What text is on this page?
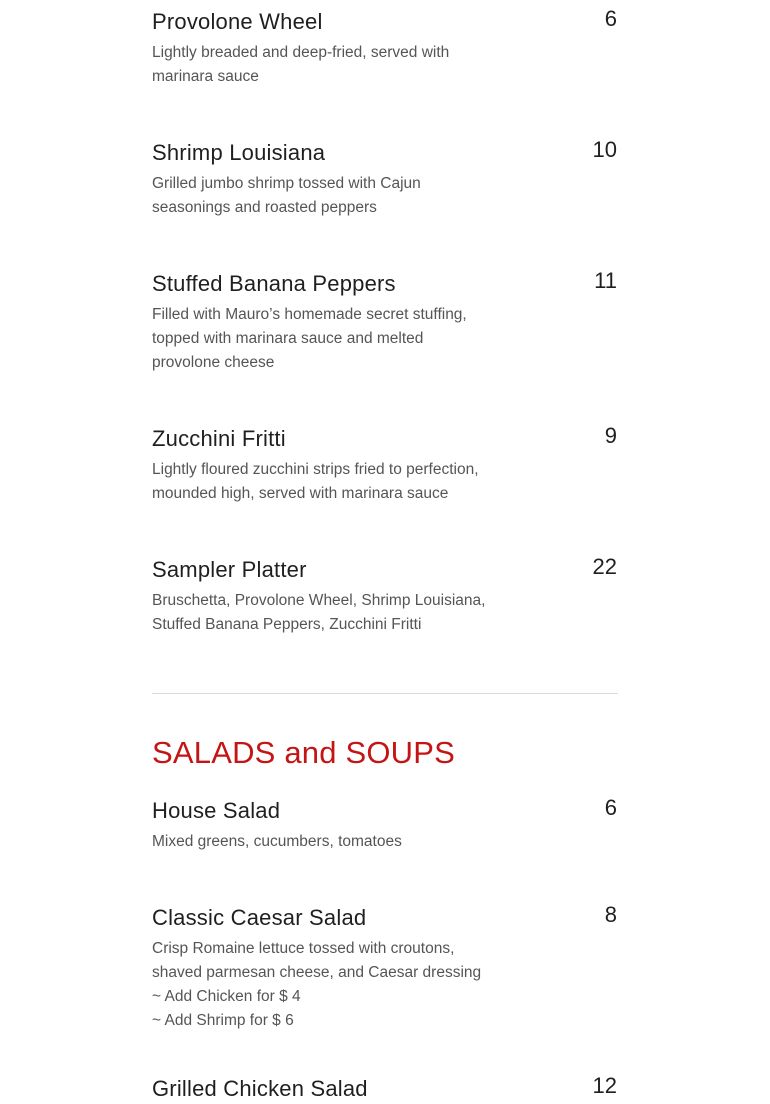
Provolone Wheel	6
Lightly breaded and deep-fried, served with
marinara sauce
Shrimp Louisiana	10
Grilled jumbo shrimp tossed with Cajun
seasonings and roasted peppers
Stuffed Banana Peppers	11
Filled with Mauro’s homemade secret stuffing,
topped with marinara sauce and melted
provolone cheese
Zucchini Fritti	9
Lightly floured zucchini strips fried to perfection,
mounded high, served with marinara sauce
Sampler Platter	22
Bruschetta, Provolone Wheel, Shrimp Louisiana,
Stuffed Banana Peppers, Zucchini Fritti
SALADS and SOUPS
House Salad	6
Mixed greens, cucumbers, tomatoes
Classic Caesar Salad	8
Crisp Romaine lettuce tossed with croutons,
shaved parmesan cheese, and Caesar dressing
~ Add Chicken for $ 4
~ Add Shrimp for $ 6
Grilled Chicken Salad	12
